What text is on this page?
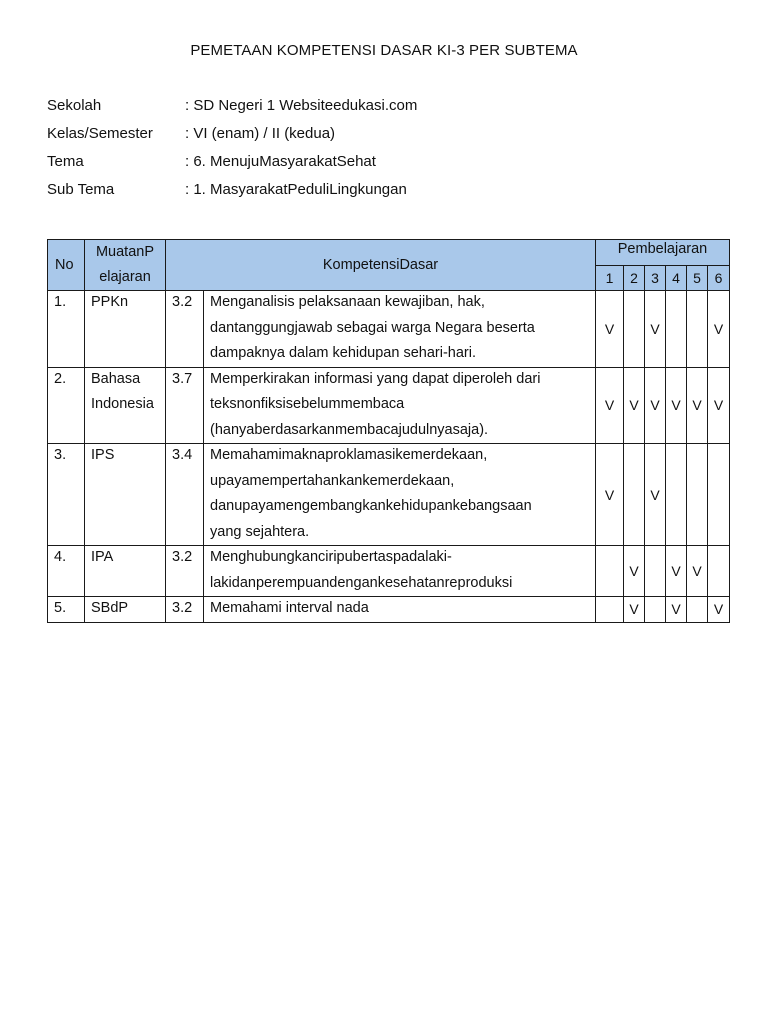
PEMETAAN KOMPETENSI DASAR KI-3 PER SUBTEMA
Sekolah	: SD Negeri 1 Websiteedukasi.com
Kelas/Semester	: VI (enam) / II (kedua)
Tema	: 6. MenujuMasyarakatSehat
Sub Tema	: 1. MasyarakatPeduliLingkungan
No	MuatanP
elajaran	KompetensiDasar		Pembelajaran					
				1	2	3	4	5	6

1.	PPKn	3.2	Menganalisis pelaksanaan kewajiban, hak,
dantanggungjawab sebagai warga Negara beserta
dampaknya dalam kehidupan sehari-hari.	V		V			V

2.	Bahasa
Indonesia	3.7	Memperkirakan informasi yang dapat diperoleh dari
teksnonfiksisebelummembaca
(hanyaberdasarkanmembacajudulnyasaja).	V	V	V	V	V	V

3.	IPS	3.4	Memahamimaknaproklamasikemerdekaan,
upayamempertahankankemerdekaan,
danupayamengembangkankehidupankebangsaan
yang sejahtera.	V		V			

4.	IPA	3.2	Menghubungkanciripubertaspadalaki-
lakidanperempuandengankesehatanreproduksi		V		V	V	

5.	SBdP	3.2	Memahami interval nada		V		V		V
